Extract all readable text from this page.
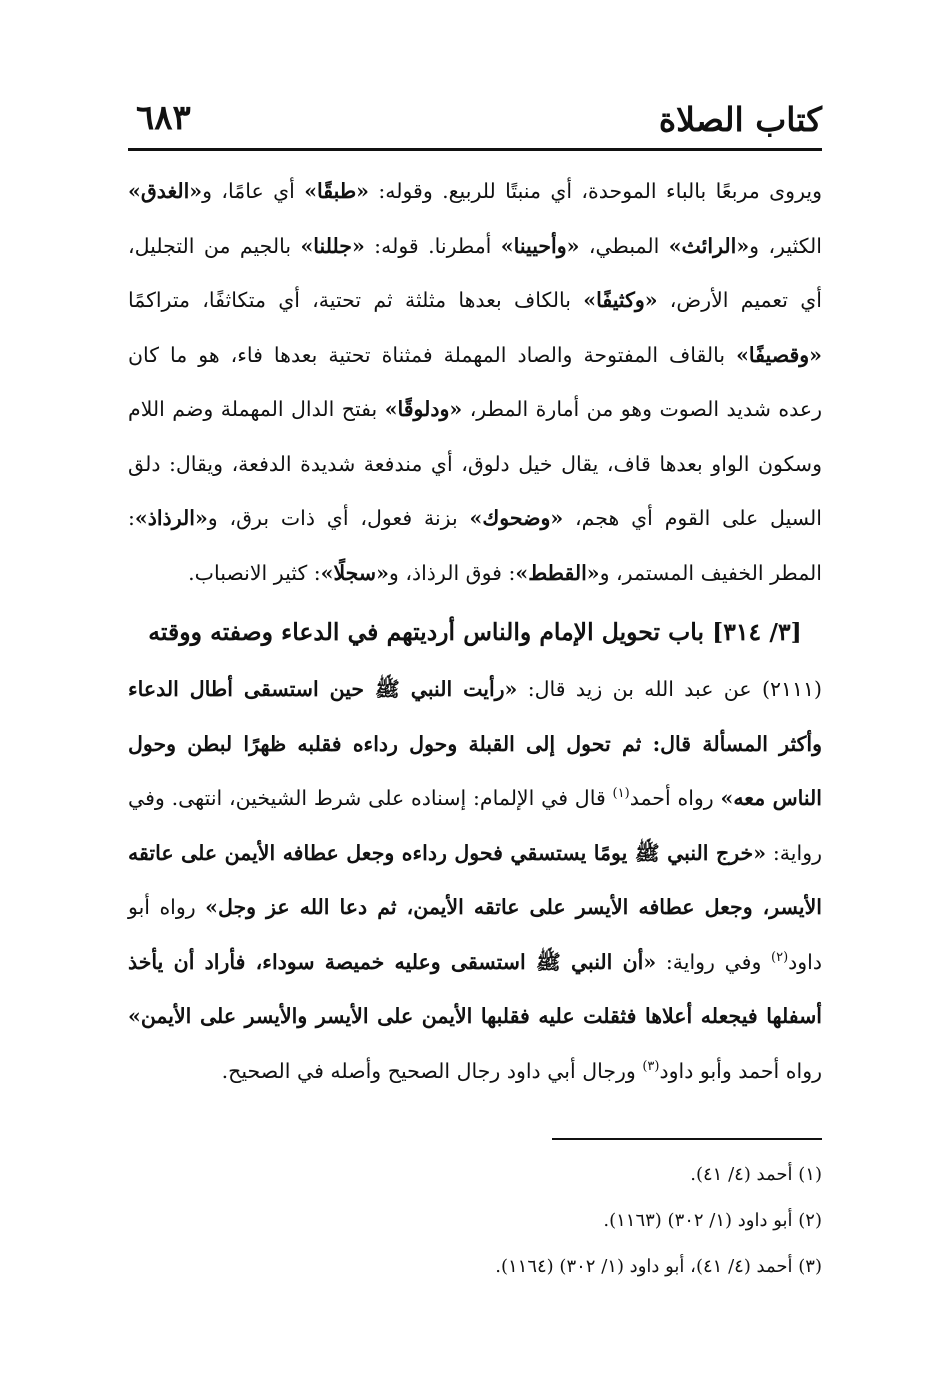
كتاب الصلاة
٦٨٣

ويروى مربعًا بالباء الموحدة، أي منبتًا للربيع. وقوله: «طبقًا» أي عامًا، و«الغدق» الكثير، و«الرائث» المبطي، «وأحيينا» أمطرنا. قوله: «جللنا» بالجيم من التجليل، أي تعميم الأرض، «وكثيفًا» بالكاف بعدها مثلثة ثم تحتية، أي متكاثفًا، متراكمًا «وقصيفًا» بالقاف المفتوحة والصاد المهملة فمثناة تحتية بعدها فاء، هو ما كان رعده شديد الصوت وهو من أمارة المطر، «ودلوقًا» بفتح الدال المهملة وضم اللام وسكون الواو بعدها قاف، يقال خيل دلوق، أي مندفعة شديدة الدفعة، ويقال: دلق السيل على القوم أي هجم، «وضحوك» بزنة فعول، أي ذات برق، و«الرذاذ»: المطر الخفيف المستمر، و«القطط»: فوق الرذاذ، و«سجلًا»: كثير الانصباب.

[٣/ ٣١٤] باب تحويل الإمام والناس أرديتهم في الدعاء وصفته ووقته

(٢١١١) عن عبد الله بن زيد قال: «رأيت النبي ﷺ حين استسقى أطال الدعاء وأكثر المسألة قال: ثم تحول إلى القبلة وحول رداءه فقلبه ظهرًا لبطن وحول الناس معه» رواه أحمد$^{(١)}$ قال في الإلمام: إسناده على شرط الشيخين، انتهى. وفي رواية: «خرج النبي ﷺ يومًا يستسقي فحول رداءه وجعل عطافه الأيمن على عاتقه الأيسر، وجعل عطافه الأيسر على عاتقه الأيمن، ثم دعا الله عز وجل» رواه أبو داود$^{(٢)}$ وفي رواية: «أن النبي ﷺ استسقى وعليه خميصة سوداء، فأراد أن يأخذ أسفلها فيجعله أعلاها فثقلت عليه فقلبها الأيمن على الأيسر والأيسر على الأيمن» رواه أحمد وأبو داود$^{(٣)}$ ورجال أبي داود رجال الصحيح وأصله في الصحيح.

(١) أحمد (٤/ ٤١).

(٢) أبو داود (١/ ٣٠٢) (١١٦٣).

(٣) أحمد (٤/ ٤١)، أبو داود (١/ ٣٠٢) (١١٦٤).
